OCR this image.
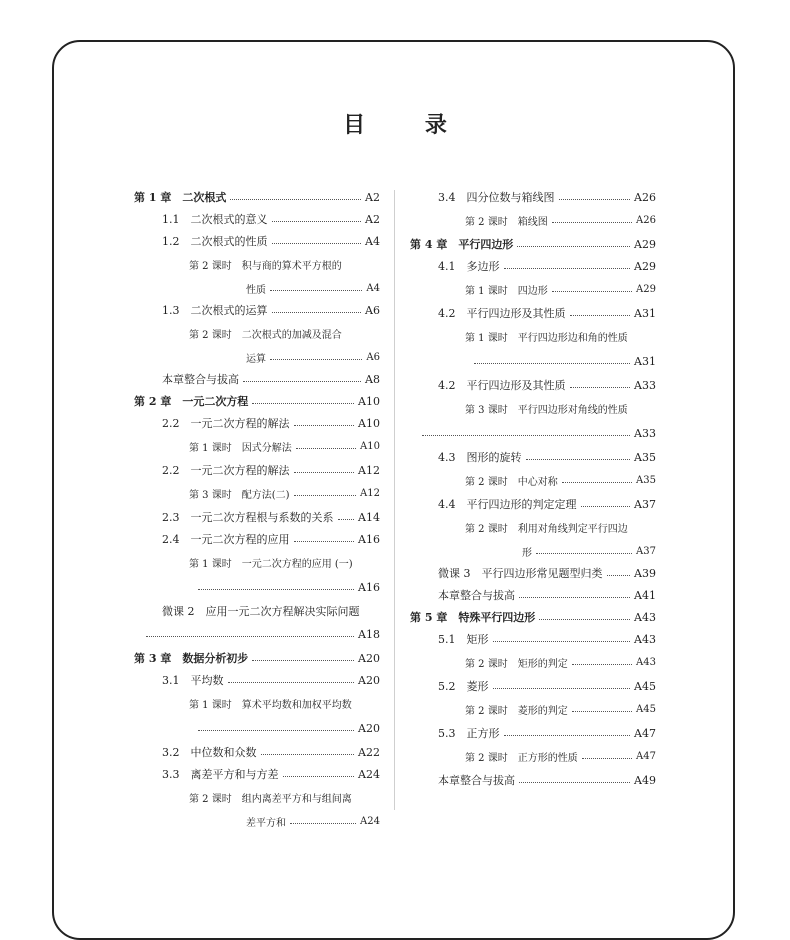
目 录
第 1 章　二次根式	A2
1.1　二次根式的意义	A2
1.2　二次根式的性质	A4
第 2 课时　积与商的算术平方根的
性质	A4
1.3　二次根式的运算	A6
第 2 课时　二次根式的加减及混合
运算	A6
本章整合与拔高	A8
第 2 章　一元二次方程	A10
2.2　一元二次方程的解法	A10
第 1 课时　因式分解法	A10
2.2　一元二次方程的解法	A12
第 3 课时　配方法(二)	A12
2.3　一元二次方程根与系数的关系 A14
2.4　一元二次方程的应用	A16
第 1 课时　一元二次方程的应用 (一)
A16
微课 2　应用一元二次方程解决实际问题
A18
第 3 章　数据分析初步	A20
3.1　平均数	A20
第 1 课时　算术平均数和加权平均数
A20
3.2　中位数和众数	A22
3.3　离差平方和与方差	A24
第 2 课时　组内离差平方和与组间离
差平方和	A24
3.4　四分位数与箱线图	A26
第 2 课时　箱线图	A26
第 4 章　平行四边形	A29
4.1　多边形	A29
第 1 课时　四边形	A29
4.2　平行四边形及其性质	A31
第 1 课时　平行四边形边和角的性质
A31
4.2　平行四边形及其性质	A33
第 3 课时　平行四边形对角线的性质
A33
4.3　图形的旋转	A35
第 2 课时　中心对称	A35
4.4　平行四边形的判定定理	A37
第 2 课时　利用对角线判定平行四边
形	A37
微课 3　平行四边形常见题型归类	A39
本章整合与拔高	A41
第 5 章　特殊平行四边形	A43
5.1　矩形	A43
第 2 课时　矩形的判定	A43
5.2　菱形	A45
第 2 课时　菱形的判定	A45
5.3　正方形	A47
第 2 课时　正方形的性质	A47
本章整合与拔高	A49
